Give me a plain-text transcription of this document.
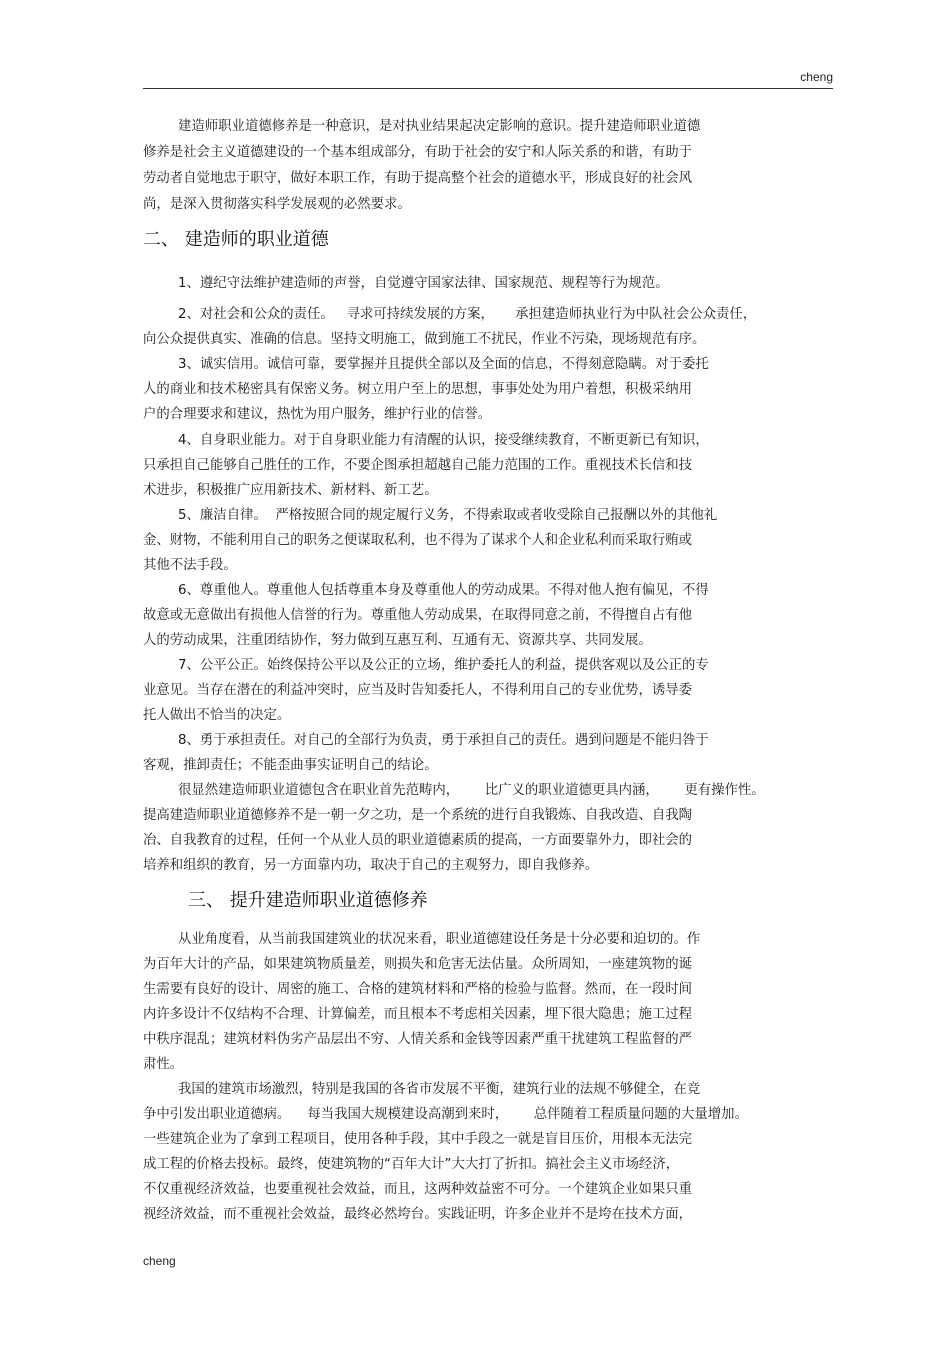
cheng
建造师职业道德修养是一种意识，是对执业结果起决定影响的意识。提升建造师职业道德
修养是社会主义道德建设的一个基本组成部分，有助于社会的安宁和人际关系的和谐，有助于
劳动者自觉地忠于职守，做好本职工作，有助于提高整个社会的道德水平，形成良好的社会风
尚，是深入贯彻落实科学发展观的必然要求。
二、 建造师的职业道德
1、遵纪守法维护建造师的声誉，自觉遵守国家法律、国家规范、规程等行为规范。
2、对社会和公众的责任。   寻求可持续发展的方案，     承担建造师执业行为中队社会公众责任，
向公众提供真实、准确的信息。坚持文明施工，做到施工不扰民，作业不污染，现场规范有序。
3、诚实信用。诚信可靠，要掌握并且提供全部以及全面的信息，不得刻意隐瞒。对于委托
人的商业和技术秘密具有保密义务。树立用户至上的思想，事事处处为用户着想，积极采纳用
户的合理要求和建议，热忱为用户服务，维护行业的信誉。
4、自身职业能力。对于自身职业能力有清醒的认识，接受继续教育，不断更新已有知识，
只承担自己能够自己胜任的工作，不要企图承担超越自己能力范围的工作。重视技术长信和技
术进步，积极推广应用新技术、新材料、新工艺。
5、廉洁自律。  严格按照合同的规定履行义务，不得索取或者收受除自己报酬以外的其他礼
金、财物，不能利用自己的职务之便谋取私利，也不得为了谋求个人和企业私利而采取行贿或
其他不法手段。
6、尊重他人。尊重他人包括尊重本身及尊重他人的劳动成果。不得对他人抱有偏见，不得
故意或无意做出有损他人信誉的行为。尊重他人劳动成果，在取得同意之前，不得擅自占有他
人的劳动成果，注重团结协作，努力做到互惠互利、互通有无、资源共享、共同发展。
7、公平公正。始终保持公平以及公正的立场，维护委托人的利益，提供客观以及公正的专
业意见。当存在潜在的利益冲突时，应当及时告知委托人，不得利用自己的专业优势，诱导委
托人做出不恰当的决定。
8、勇于承担责任。对自己的全部行为负责，勇于承担自己的责任。遇到问题是不能归咎于
客观，推卸责任；不能歪曲事实证明自己的结论。
很显然建造师职业道德包含在职业首先范畴内，      比广义的职业道德更具内涵，      更有操作性。
提高建造师职业道德修养不是一朝一夕之功，是一个系统的进行自我锻炼、自我改造、自我陶
冶、自我教育的过程，任何一个从业人员的职业道德素质的提高，一方面要靠外力，即社会的
培养和组织的教育，另一方面靠内功，取决于自己的主观努力，即自我修养。
三、 提升建造师职业道德修养
从业角度看，从当前我国建筑业的状况来看，职业道德建设任务是十分必要和迫切的。作
为百年大计的产品，如果建筑物质量差，则损失和危害无法估量。众所周知，一座建筑物的诞
生需要有良好的设计、周密的施工、合格的建筑材料和严格的检验与监督。然而，在一段时间
内许多设计不仅结构不合理、计算偏差，而且根本不考虑相关因素，埋下很大隐患；施工过程
中秩序混乱；建筑材料伪劣产品层出不穷、人情关系和金钱等因素严重干扰建筑工程监督的严
肃性。
我国的建筑市场激烈，特别是我国的各省市发展不平衡，建筑行业的法规不够健全，在竞
争中引发出职业道德病。    每当我国大规模建设高潮到来时，      总伴随着工程质量问题的大量增加。
一些建筑企业为了拿到工程项目，使用各种手段，其中手段之一就是盲目压价，用根本无法完
成工程的价格去投标。最终，使建筑物的“百年大计”大大打了折扣。搞社会主义市场经济，
不仅重视经济效益，也要重视社会效益，而且，这两种效益密不可分。一个建筑企业如果只重
视经济效益，而不重视社会效益，最终必然垮台。实践证明，许多企业并不是垮在技术方面，
cheng
